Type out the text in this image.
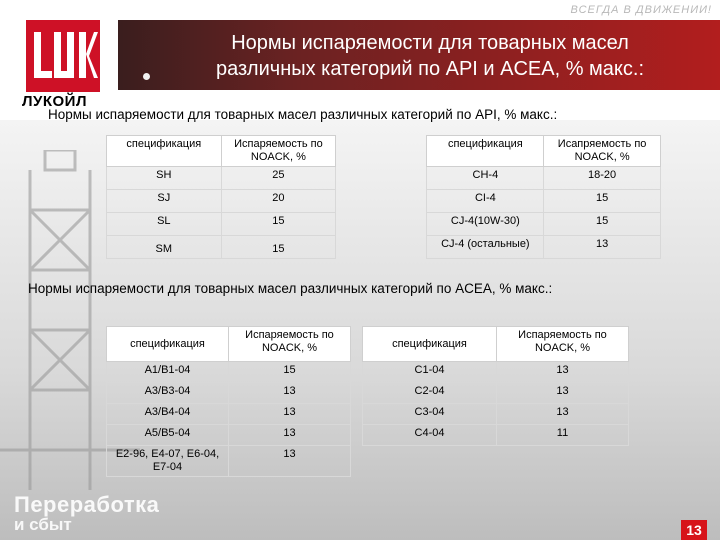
ВСЕГДА В ДВИЖЕНИИ!
ЛУКОЙЛ
Нормы испаряемости для товарных масел
различных категорий по API и ACEA, % макс.:
Нормы испаряемости для товарных масел различных категорий по API, % макс.:
спецификация	Испаряемость по NOACK, %		спецификация	Исапряемость по NOACK, %
SH	25		CH-4	18-20
SJ	20		CI-4	15
SL	15		CJ-4(10W-30)	15
SM	15		CJ-4 (остальные)	13
Нормы испаряемости для товарных масел различных категорий по ACEA, % макс.:
спецификация	Испаряемость по NOACK, %		спецификация	Испаряемость по NOACK, %
A1/B1-04	15		C1-04	13
A3/B3-04	13		C2-04	13
A3/B4-04	13		C3-04	13
A5/B5-04	13		C4-04	11
E2-96, E4-07, E6-04, E7-04	13			
Переработка
и сбыт	13
